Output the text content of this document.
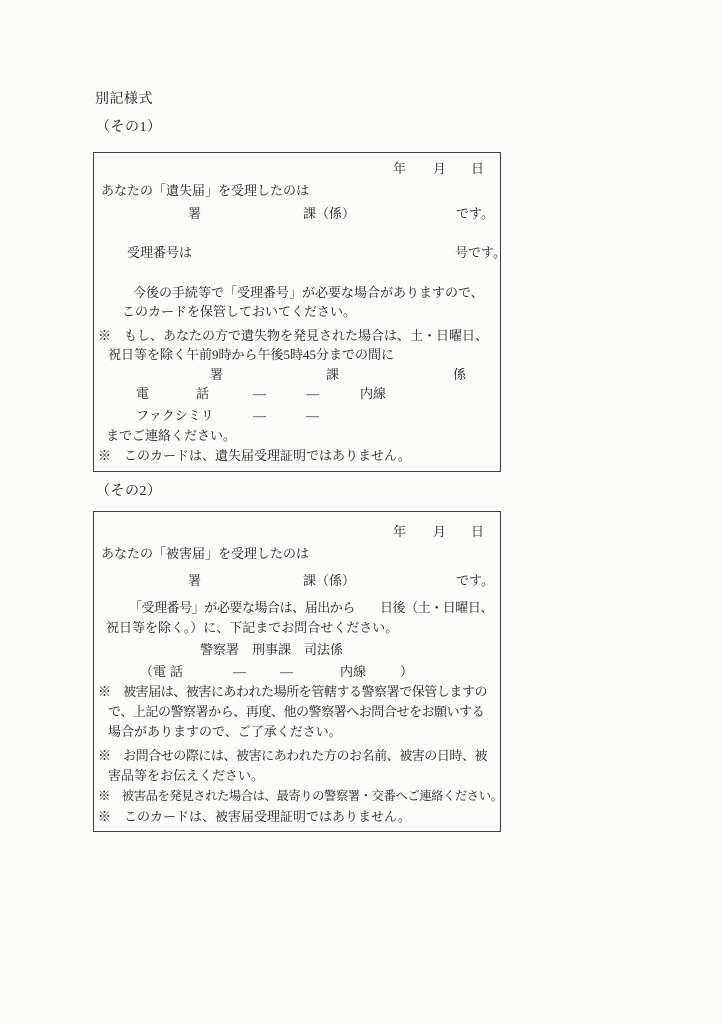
別記様式
（その1）
年 月 日
あなたの「遺失届」を受理したのは
署	課（係）	です。
受理番号は	号です。
今後の手続等で「受理番号」が必要な場合がありますので、
このカードを保管しておいてください。
※　もし、あなたの方で遺失物を発見された場合は、土・日曜日、
祝日等を除く午前9時から午後5時45分までの間に
署	課	係
電	話	―	―	内線
ファクシミリ	―	―
までご連絡ください。
※　このカードは、遺失届受理証明ではありません。
（その2）
年 月 日
あなたの「被害届」を受理したのは
署	課（係）	です。
「受理番号」が必要な場合は、届出から　　日後（土・日曜日、
祝日等を除く。）に、下記までお問合せください。
警察署　刑事課　司法係
（電 話	―	―	内線	）
※　被害届は、被害にあわれた場所を管轄する警察署で保管しますの
で、上記の警察署から、再度、他の警察署へお問合せをお願いする
場合がありますので、ご了承ください。
※　お問合せの際には、被害にあわれた方のお名前、被害の日時、被
害品等をお伝えください。
※　被害品を発見された場合は、最寄りの警察署・交番へご連絡ください。
※　このカードは、被害届受理証明ではありません。
